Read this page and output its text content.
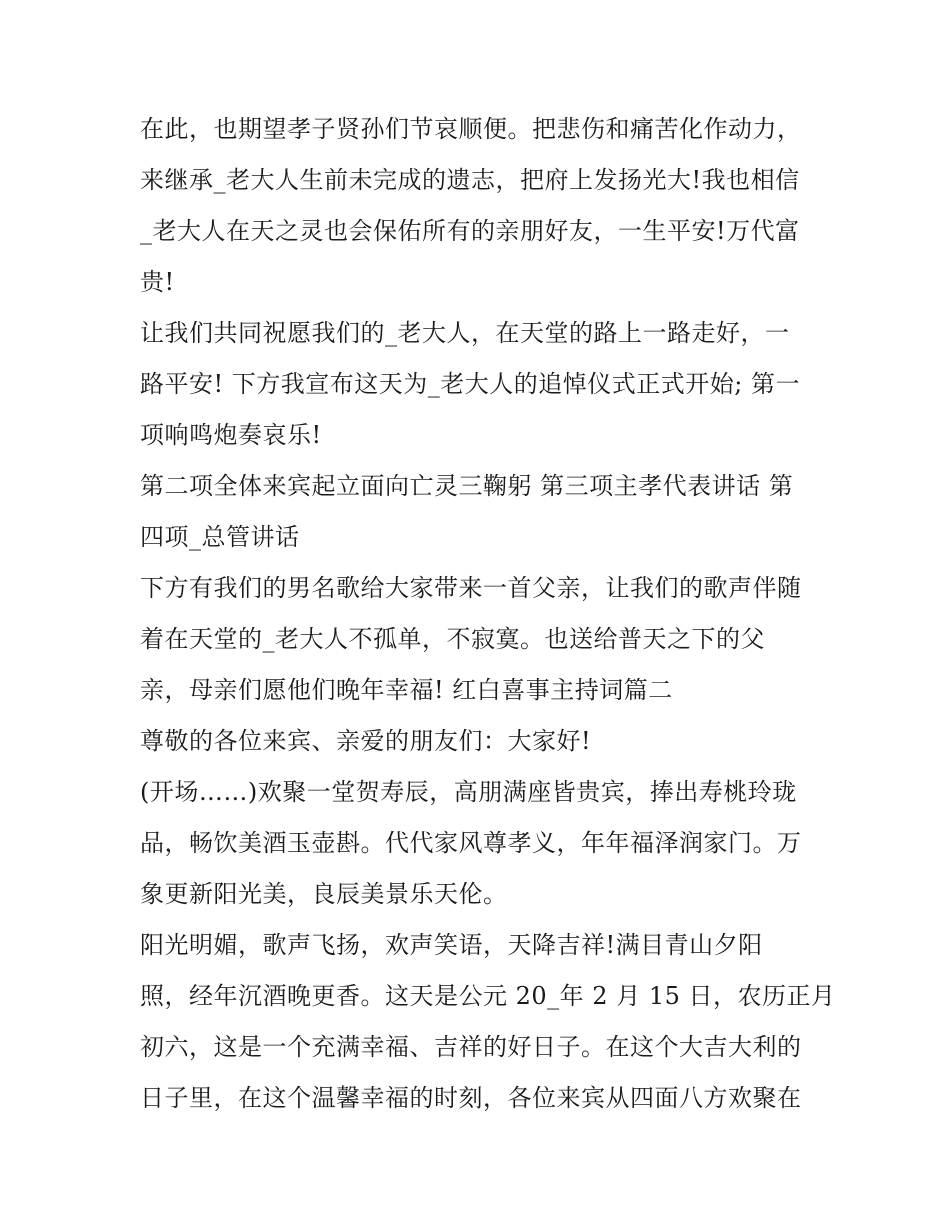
在此，也期望孝子贤孙们节哀顺便。把悲伤和痛苦化作动力，
来继承_老大人生前未完成的遗志，把府上发扬光大!我也相信
_老大人在天之灵也会保佑所有的亲朋好友，一生平安!万代富
贵!
让我们共同祝愿我们的_老大人，在天堂的路上一路走好，一
路平安! 下方我宣布这天为_老大人的追悼仪式正式开始; 第一
项响鸣炮奏哀乐!
第二项全体来宾起立面向亡灵三鞠躬 第三项主孝代表讲话 第
四项_总管讲话
下方有我们的男名歌给大家带来一首父亲，让我们的歌声伴随
着在天堂的_老大人不孤单，不寂寞。也送给普天之下的父
亲，母亲们愿他们晚年幸福! 红白喜事主持词篇二
尊敬的各位来宾、亲爱的朋友们：大家好!
(开场……)欢聚一堂贺寿辰，高朋满座皆贵宾，捧出寿桃玲珑
品，畅饮美酒玉壶斟。代代家风尊孝义，年年福泽润家门。万
象更新阳光美，良辰美景乐天伦。
阳光明媚，歌声飞扬，欢声笑语，天降吉祥!满目青山夕阳
照，经年沉酒晚更香。这天是公元 20_年 2 月 15 日，农历正月
初六，这是一个充满幸福、吉祥的好日子。在这个大吉大利的
日子里，在这个温馨幸福的时刻，各位来宾从四面八方欢聚在
